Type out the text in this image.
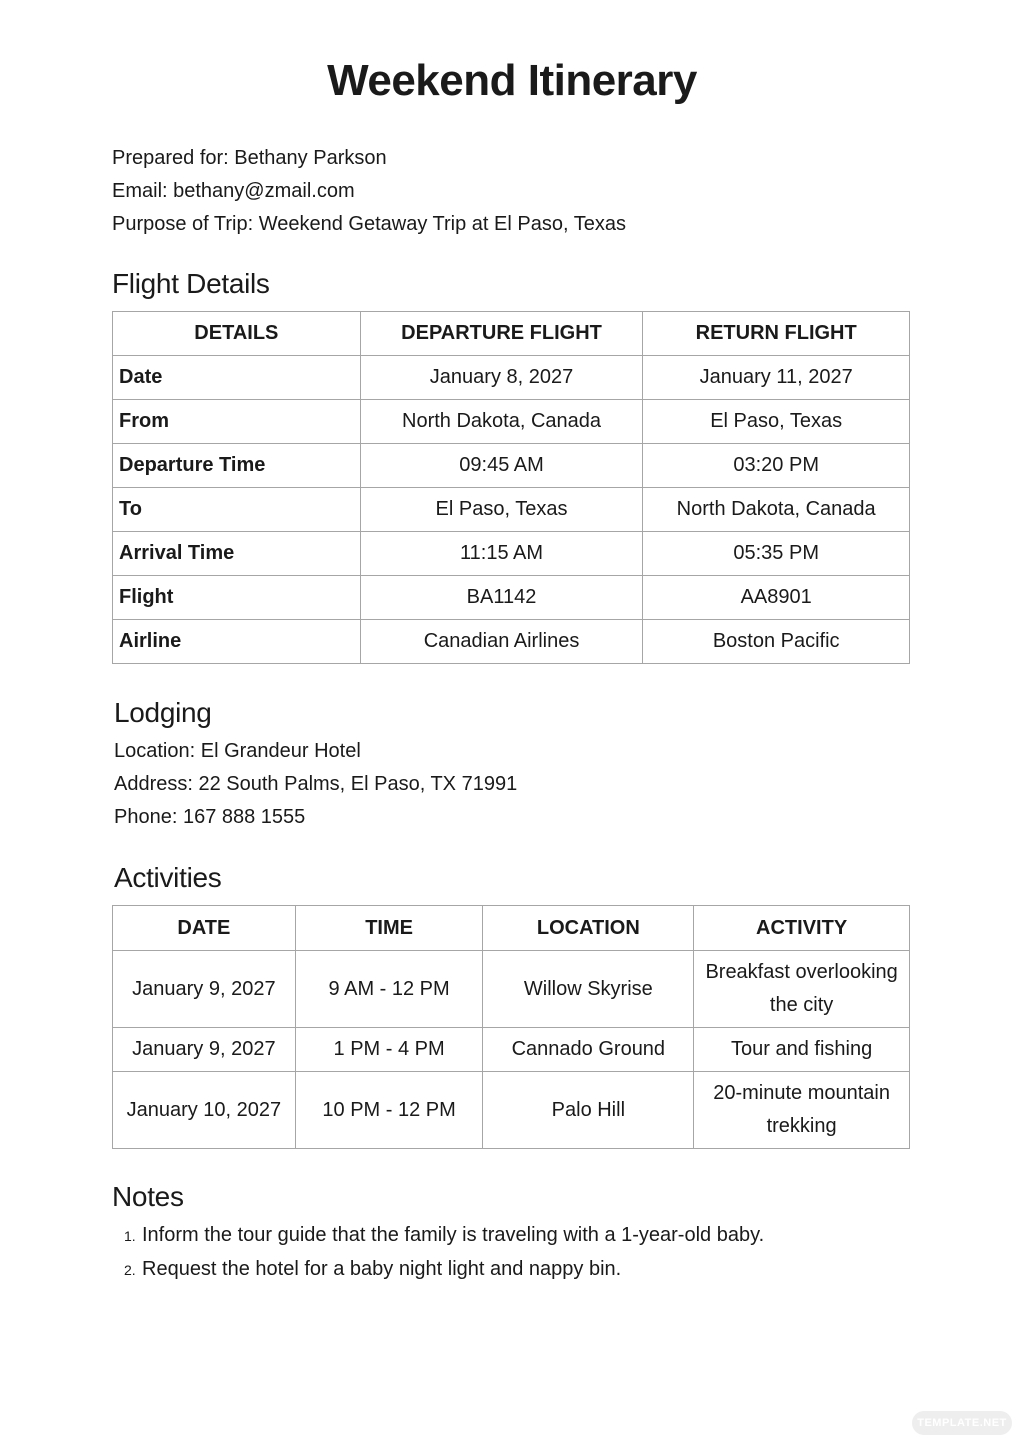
Weekend Itinerary

Prepared for: Bethany Parkson

Email: bethany@zmail.com

Purpose of Trip: Weekend Getaway Trip at El Paso, Texas

Flight Details
DETAILS	DEPARTURE FLIGHT	RETURN FLIGHT
Date	January 8, 2027	January 11, 2027
From	North Dakota, Canada	El Paso, Texas
Departure Time	09:45 AM	03:20 PM
To	El Paso, Texas	North Dakota, Canada
Arrival Time	11:15 AM	05:35 PM
Flight	BA1142	AA8901
Airline	Canadian Airlines	Boston Pacific
Lodging

Location: El Grandeur Hotel

Address: 22 South Palms, El Paso, TX 71991

Phone: 167 888 1555

Activities
DATE	TIME	LOCATION	ACTIVITY
January 9, 2027	9 AM - 12 PM	Willow Skyrise	Breakfast overlooking the city
January 9, 2027	1 PM - 4 PM	Cannado Ground	Tour and fishing
January 10, 2027	10 PM - 12 PM	Palo Hill	20-minute mountain trekking
Notes
1. Inform the tour guide that the family is traveling with a 1-year-old baby.
2. Request the hotel for a baby night light and nappy bin.
TEMPLATE.NET
